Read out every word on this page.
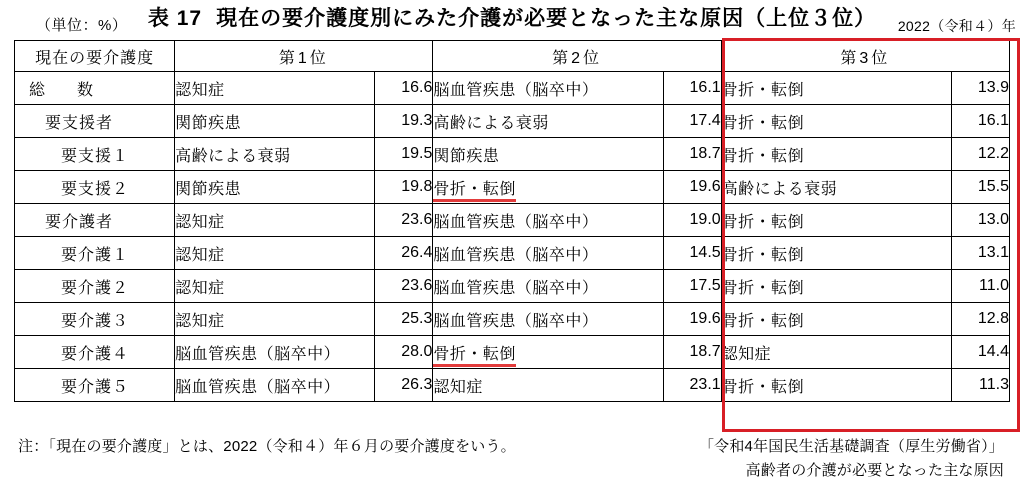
（単位：%） 表 17 現在の要介護度別にみた介護が必要となった主な原因（上位３位）	2022（令和４）年
現在の要介護度	第1位		第2位		第3位	

総　数	認知症	16.6	脳血管疾患（脳卒中）	16.1	骨折・転倒	13.9

要支援者	関節疾患	19.3	高齢による衰弱	17.4	骨折・転倒	16.1

要支援１	高齢による衰弱	19.5	関節疾患	18.7	骨折・転倒	12.2

要支援２	関節疾患	19.8	骨折・転倒	19.6	高齢による衰弱	15.5

要介護者	認知症	23.6	脳血管疾患（脳卒中）	19.0	骨折・転倒	13.0

要介護１	認知症	26.4	脳血管疾患（脳卒中）	14.5	骨折・転倒	13.1

要介護２	認知症	23.6	脳血管疾患（脳卒中）	17.5	骨折・転倒	11.0

要介護３	認知症	25.3	脳血管疾患（脳卒中）	19.6	骨折・転倒	12.8

要介護４	脳血管疾患（脳卒中）	28.0	骨折・転倒	18.7	認知症	14.4

要介護５	脳血管疾患（脳卒中）	26.3	認知症	23.1	骨折・転倒	11.3
注：「現在の要介護度」とは、2022（令和４）年６月の要介護度をいう。	「令和4年国民生活基礎調査（厚生労働省）」
高齢者の介護が必要となった主な原因
